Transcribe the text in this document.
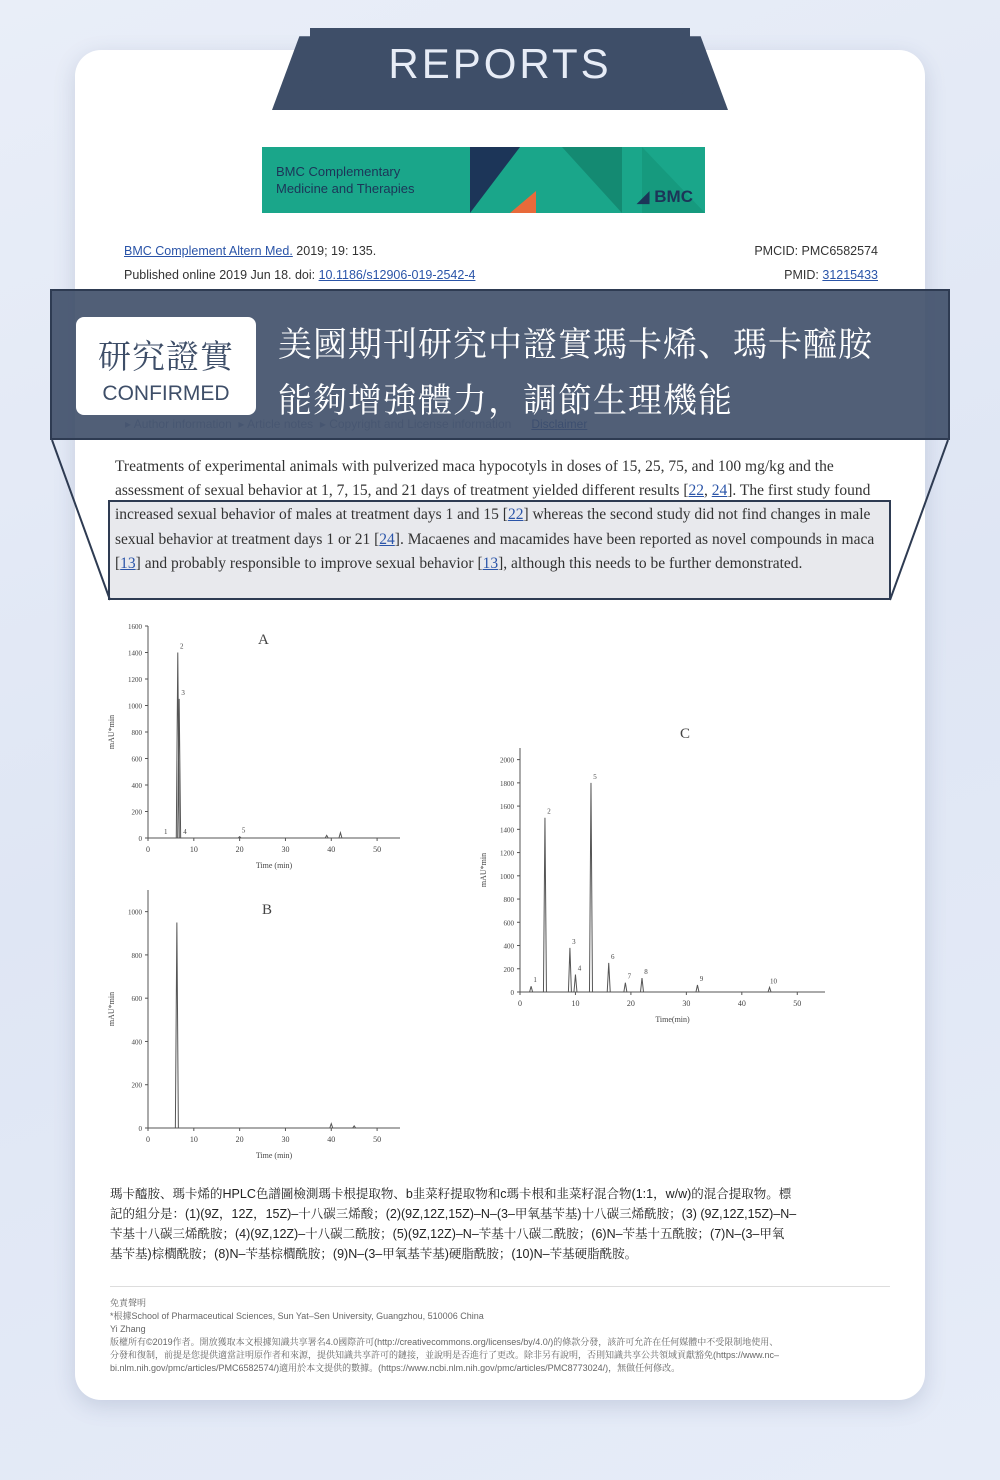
REPORTS
BMC Complementary
Medicine and Therapies	◢ BMC
BMC Complement Altern Med. 2019; 19: 135.
Published online 2019 Jun 18. doi: 10.1186/s12906-019-2542-4
PMCID: PMC6582574
PMID: 31215433

Treatments of experimental animals with pulverized maca hypocotyls in doses of 15, 25, 75, and 100 mg/kg and the assessment of sexual behavior at 1, 7, 15, and 21 days of treatment yielded different results [22, 24]. The first study found increased sexual behavior of males at treatment days 1 and 15 [22] whereas the second study did not find changes in male sexual behavior at treatment days 1 or 21 [24]. Macaenes and macamides have been reported as novel compounds in maca [13] and probably responsible to improve sexual behavior [13], although this needs to be further demonstrated.
研究證實
CONFIRMED
美國期刊研究中證實瑪卡烯、瑪卡醯胺
能夠增強體力，調節生理機能
0	10	20	30	40	50
0
200
400
600
800
1000
1200
1400
1600
Time (min)
mAU*min
A
1
2
3
4	5
0	10	20	30	40	50
0
200
400
600
800
1000
Time (min)
mAU*min
B
0	10	20	30	40	50
0
200
400
600
800
1000
1200
1400
1600
1800
2000
Time(min)
mAU*min
C
1
2
3
4
5
6
7
8
9	10
瑪卡醯胺、瑪卡烯的HPLC色譜圖檢測瑪卡根提取物、b韭菜籽提取物和c瑪卡根和韭菜籽混合物(1:1，w/w)的混合提取物。標
記的組分是：(1)(9Z，12Z，15Z)–十八碳三烯酸；(2)(9Z,12Z,15Z)–N–(3–甲氧基苄基)十八碳三烯酰胺；(3) (9Z,12Z,15Z)–N–
苄基十八碳三烯酰胺；(4)(9Z,12Z)–十八碳二酰胺；(5)(9Z,12Z)–N–苄基十八碳二酰胺；(6)N–苄基十五酰胺；(7)N–(3–甲氧
基苄基)棕櫚酰胺；(8)N–苄基棕櫚酰胺；(9)N–(3–甲氧基苄基)硬脂酰胺；(10)N–苄基硬脂酰胺。
免責聲明
*根據School of Pharmaceutical Sciences, Sun Yat–Sen University, Guangzhou, 510006 China
Yi Zhang
版權所有©2019作者。開放獲取本文根據知識共享署名4.0國際許可(http://creativecommons.org/licenses/by/4.0/)的條款分發，該許可允許在任何媒體中不受限制地使用、
分發和復制，前提是您提供適當註明原作者和來源，提供知識共享許可的鏈接，並說明是否進行了更改。除非另有說明，否則知識共享公共領域貢獻豁免(https://www.nc–
bi.nlm.nih.gov/pmc/articles/PMC6582574/)適用於本文提供的數據。(https://www.ncbi.nlm.nih.gov/pmc/articles/PMC8773024/)，無做任何修改。
